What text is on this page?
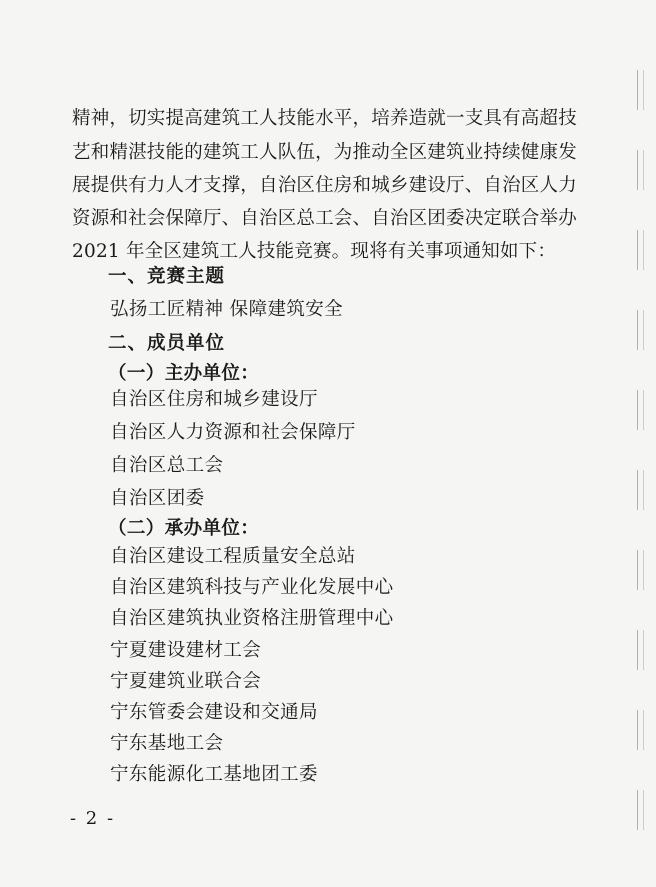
精神，切实提高建筑工人技能水平，培养造就一支具有高超技
艺和精湛技能的建筑工人队伍，为推动全区建筑业持续健康发
展提供有力人才支撑，自治区住房和城乡建设厅、自治区人力
资源和社会保障厅、自治区总工会、自治区团委决定联合举办
2021 年全区建筑工人技能竞赛。现将有关事项通知如下：
一、竞赛主题
弘扬工匠精神 保障建筑安全
二、成员单位
（一）主办单位：
自治区住房和城乡建设厅
自治区人力资源和社会保障厅
自治区总工会
自治区团委
（二）承办单位：
自治区建设工程质量安全总站
自治区建筑科技与产业化发展中心
自治区建筑执业资格注册管理中心
宁夏建设建材工会
宁夏建筑业联合会
宁东管委会建设和交通局
宁东基地工会
宁东能源化工基地团工委
- 2 -
